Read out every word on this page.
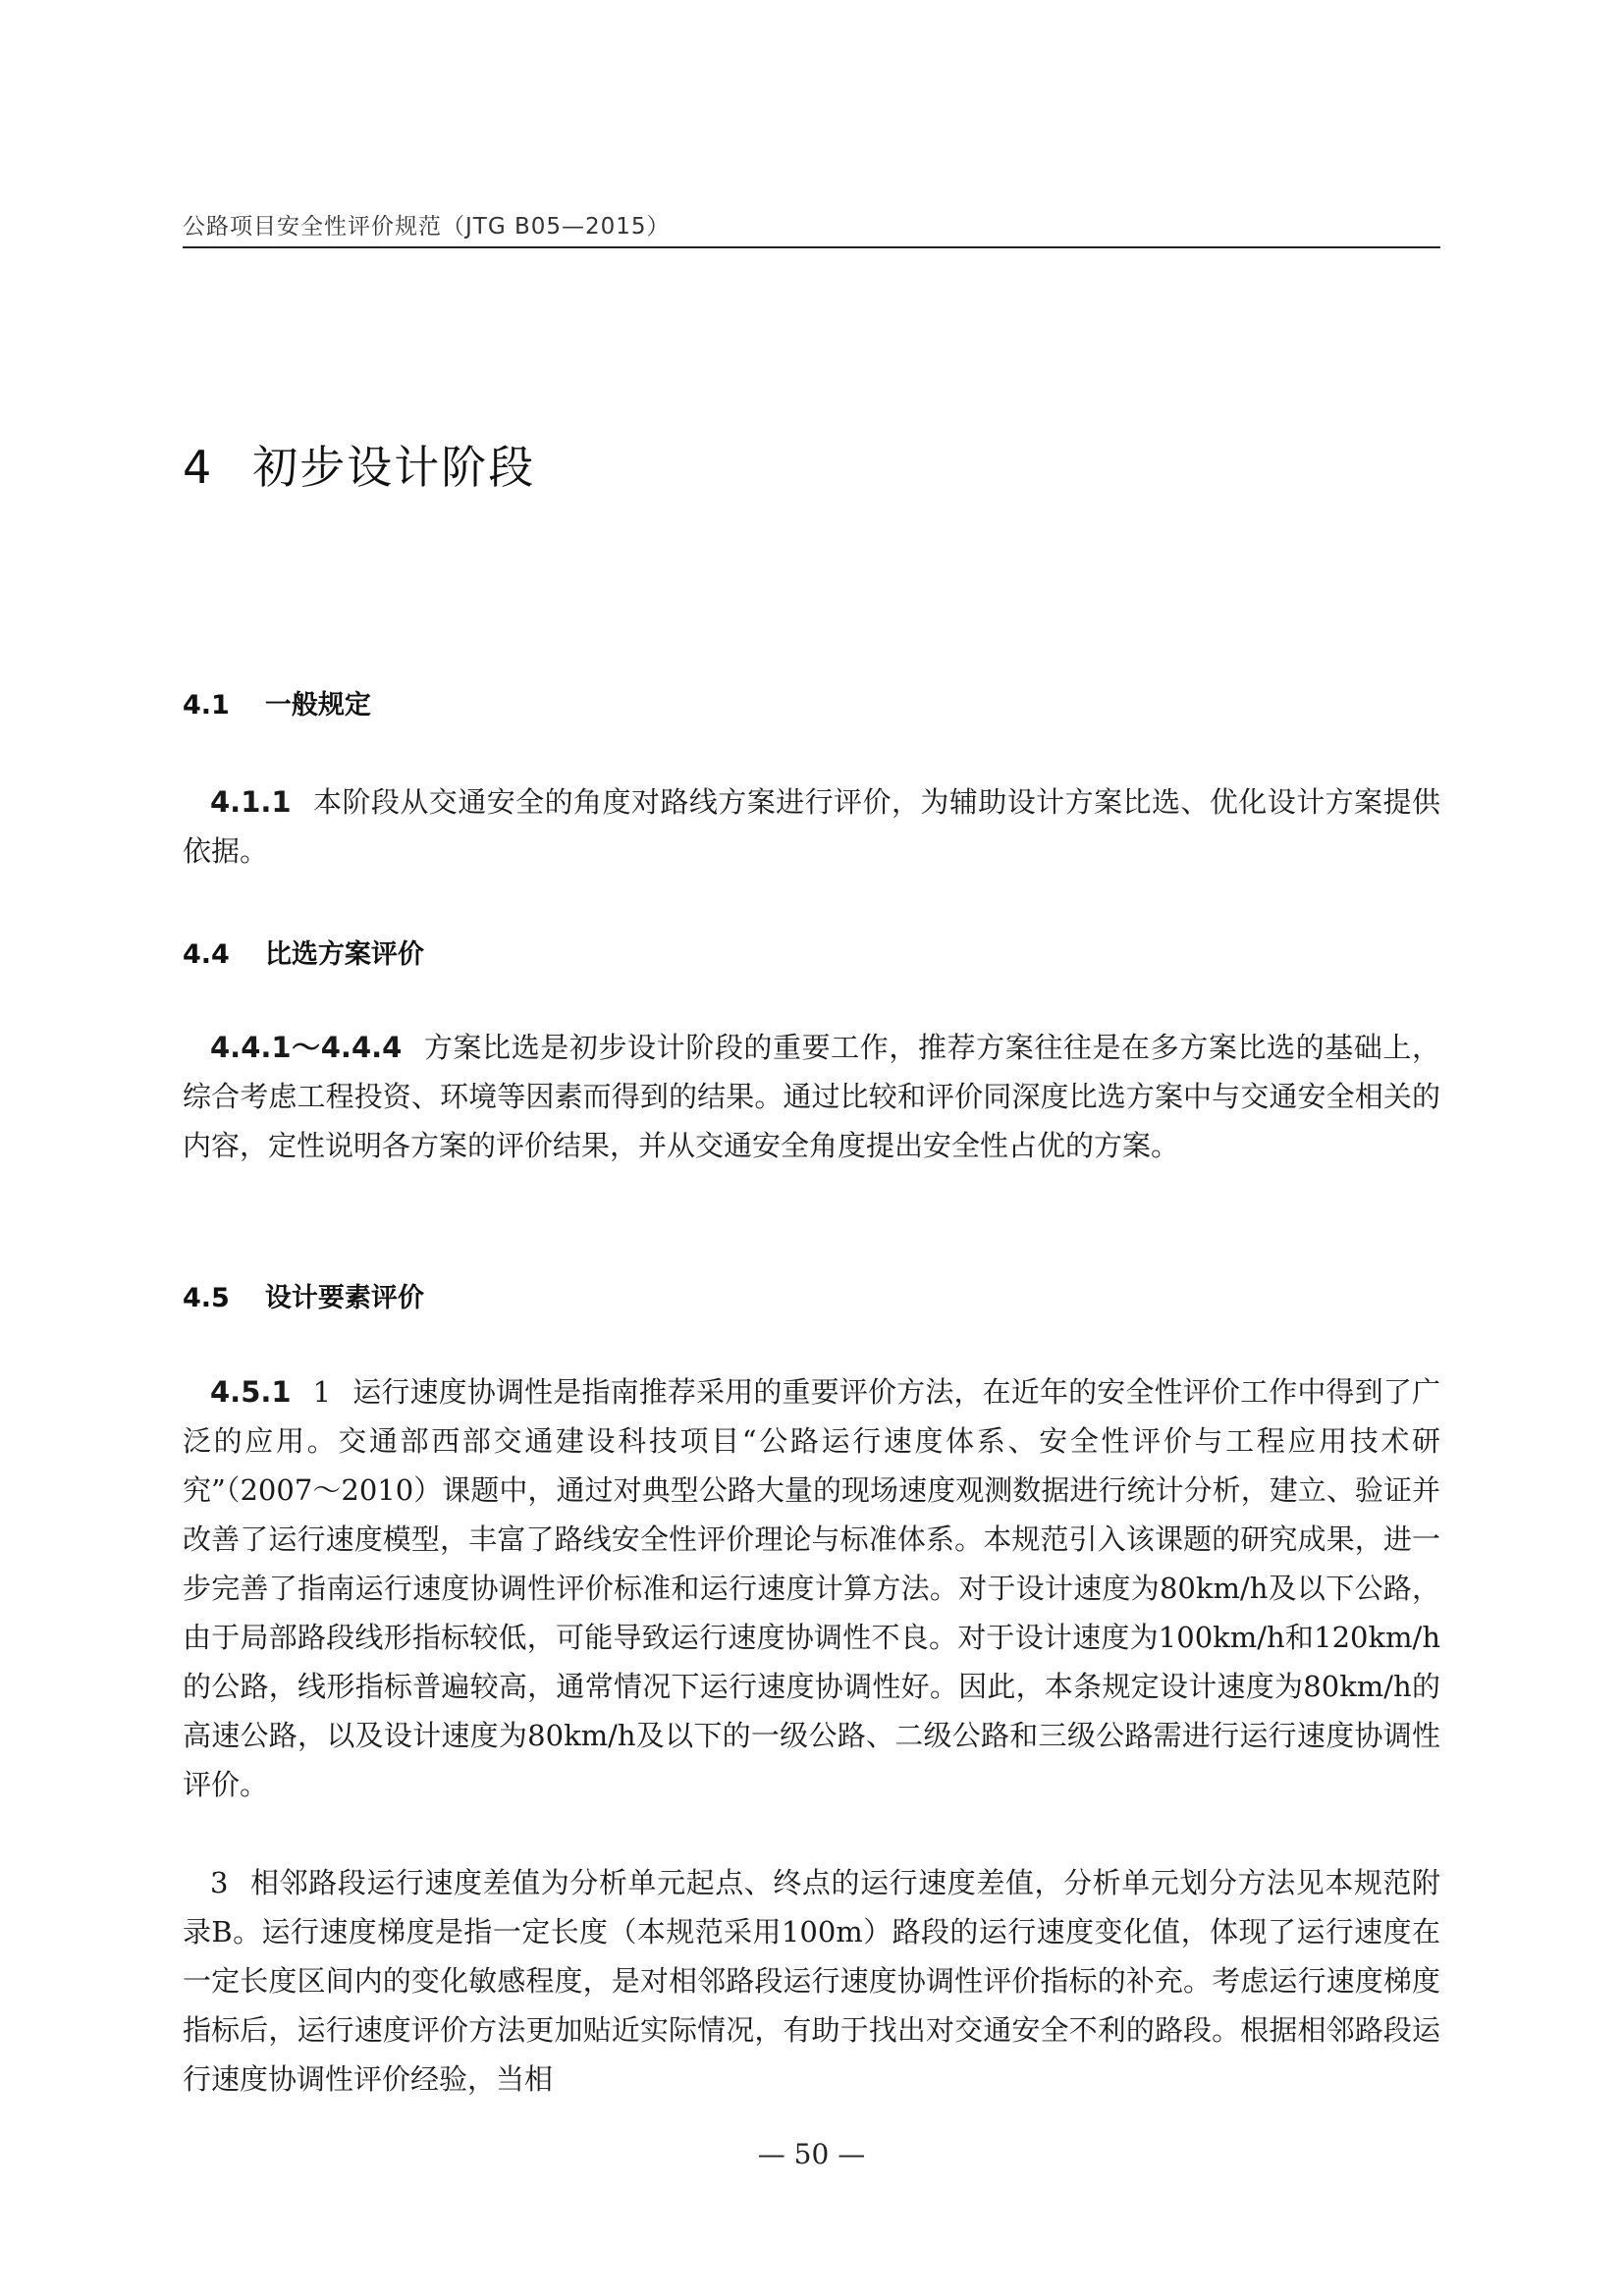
公路项目安全性评价规范（JTG B05—2015）
4 初步设计阶段
4.1 一般规定
4.1.1 本阶段从交通安全的角度对路线方案进行评价，为辅助设计方案比选、优化设计方案提供依据。
4.4 比选方案评价
4.4.1～4.4.4 方案比选是初步设计阶段的重要工作，推荐方案往往是在多方案比选的基础上，综合考虑工程投资、环境等因素而得到的结果。通过比较和评价同深度比选方案中与交通安全相关的内容，定性说明各方案的评价结果，并从交通安全角度提出安全性占优的方案。
4.5 设计要素评价
4.5.1 1 运行速度协调性是指南推荐采用的重要评价方法，在近年的安全性评价工作中得到了广泛的应用。交通部西部交通建设科技项目“公路运行速度体系、安全性评价与工程应用技术研究”（2007～2010）课题中，通过对典型公路大量的现场速度观测数据进行统计分析，建立、验证并改善了运行速度模型，丰富了路线安全性评价理论与标准体系。本规范引入该课题的研究成果，进一步完善了指南运行速度协调性评价标准和运行速度计算方法。对于设计速度为80km/h及以下公路，由于局部路段线形指标较低，可能导致运行速度协调性不良。对于设计速度为100km/h和120km/h的公路，线形指标普遍较高，通常情况下运行速度协调性好。因此，本条规定设计速度为80km/h的高速公路，以及设计速度为80km/h及以下的一级公路、二级公路和三级公路需进行运行速度协调性评价。
3 相邻路段运行速度差值为分析单元起点、终点的运行速度差值，分析单元划分方法见本规范附录B。运行速度梯度是指一定长度（本规范采用100m）路段的运行速度变化值，体现了运行速度在一定长度区间内的变化敏感程度，是对相邻路段运行速度协调性评价指标的补充。考虑运行速度梯度指标后，运行速度评价方法更加贴近实际情况，有助于找出对交通安全不利的路段。根据相邻路段运行速度协调性评价经验，当相
— 50 —
